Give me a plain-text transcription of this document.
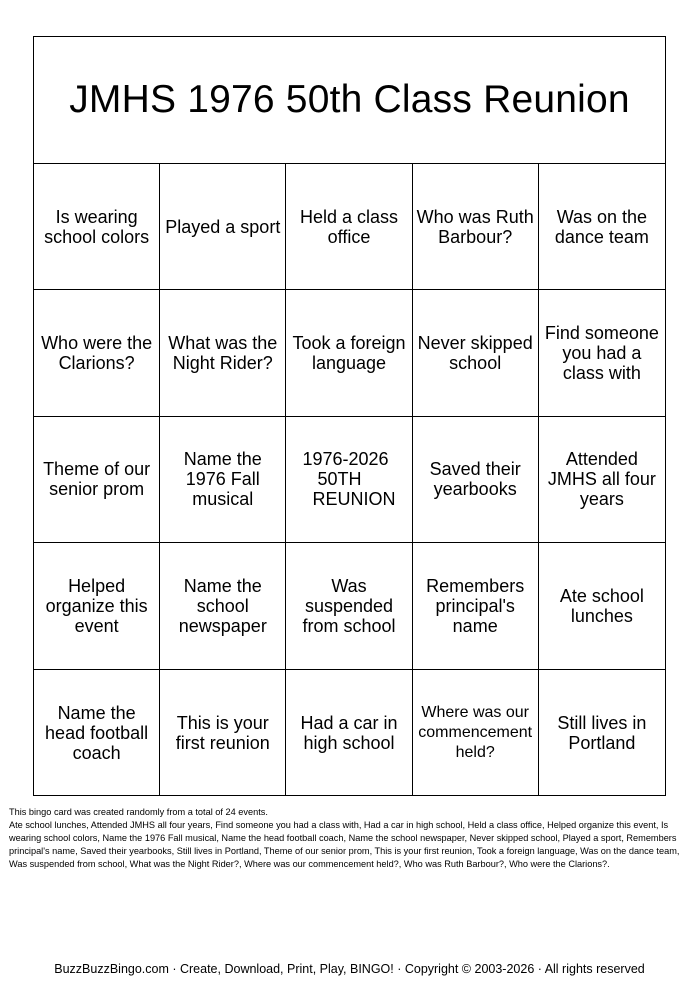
JMHS 1976 50th Class Reunion
Is wearing school colors Played a sport	Held a class office
Who was Ruth Barbour?
Was on the dance team
Who were the Clarions?
What was the Night Rider?
Took a foreign language
Never skipped school
Find someone you had a class with
Theme of our senior prom
Name the 1976 Fall musical
1976-2026
50TH
REUNION
Saved their yearbooks
Attended JMHS all four years
Helped organize this event
Name the school newspaper
Was suspended from school
Remembers principal's name
Ate school lunches
Name the head football coach
This is your first reunion
Had a car in high school
Where was our commencement held?
Still lives in Portland
This bingo card was created randomly from a total of 24 events.
Ate school lunches, Attended JMHS all four years, Find someone you had a class with, Had a car in high school, Held a class office, Helped organize this event, Is wearing school colors, Name the 1976 Fall musical, Name the head football coach, Name the school newspaper, Never skipped school, Played a sport, Remembers principal's name, Saved their yearbooks, Still lives in Portland, Theme of our senior prom, This is your first reunion, Took a foreign language, Was on the dance team, Was suspended from school, What was the Night Rider?, Where was our commencement held?, Who was Ruth Barbour?, Who were the Clarions?.
BuzzBuzzBingo.com · Create, Download, Print, Play, BINGO! · Copyright © 2003-2026 · All rights reserved
